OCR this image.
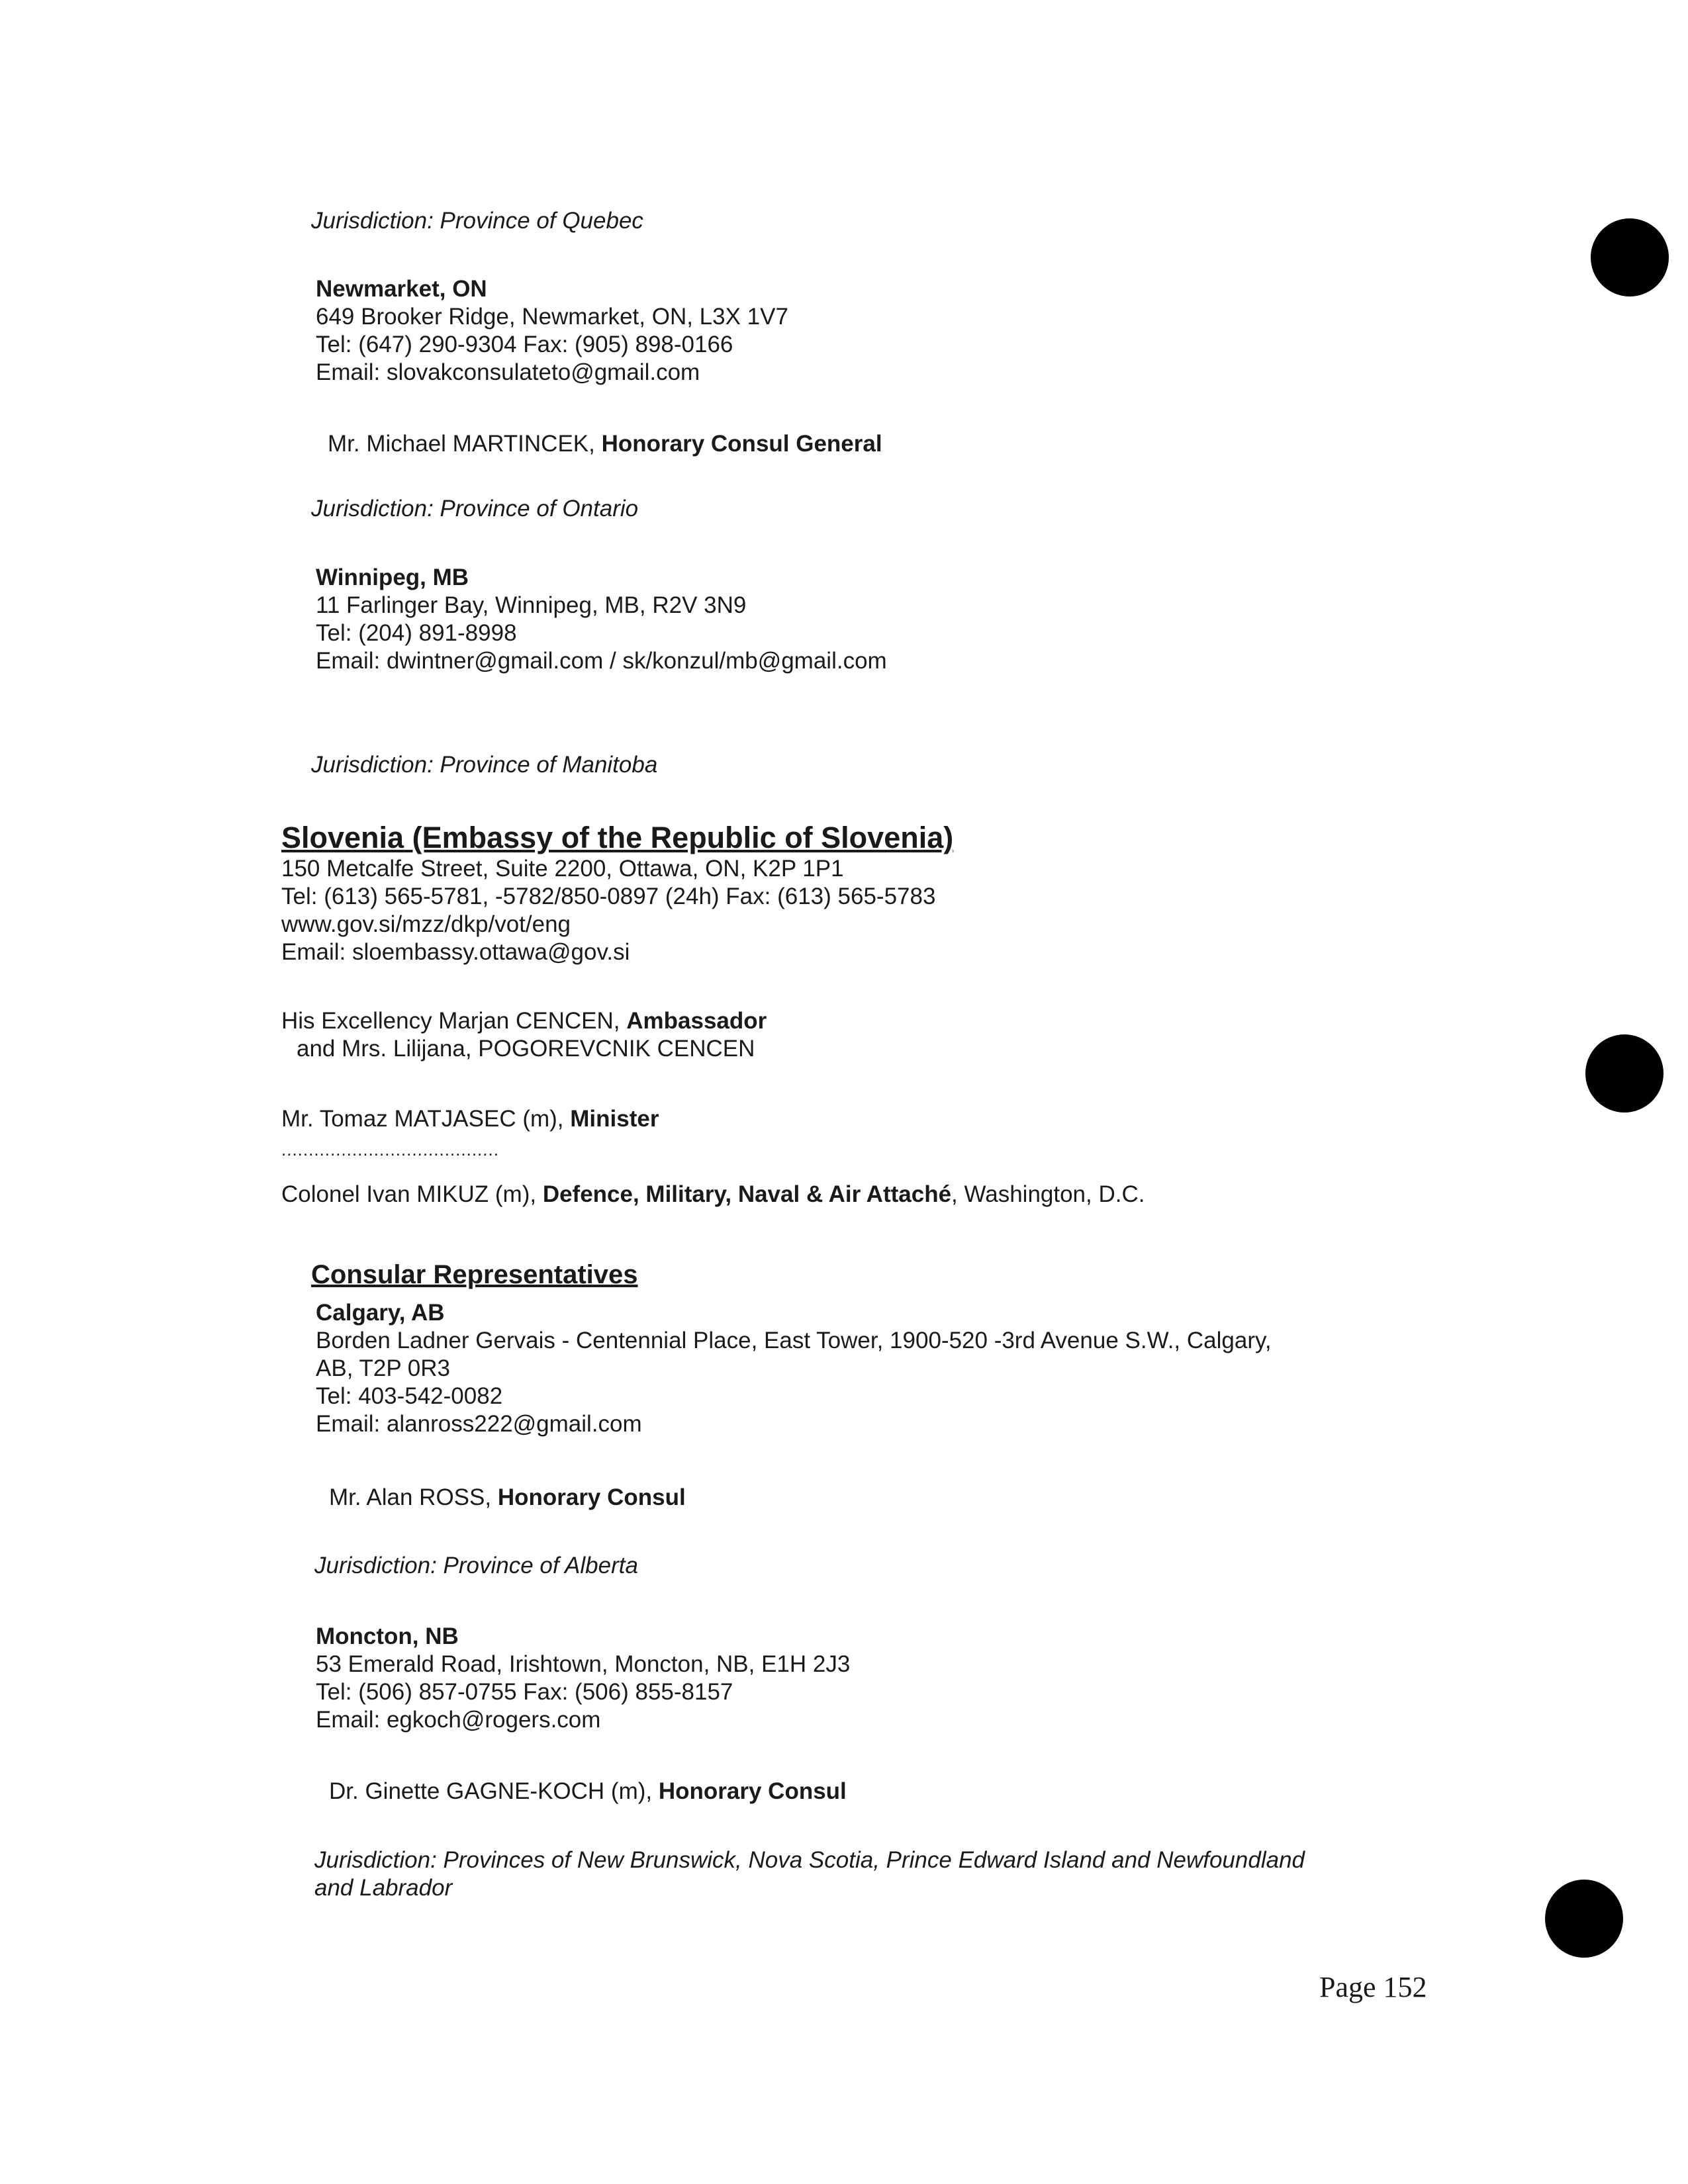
Jurisdiction: Province of Quebec
Newmarket, ON
649 Brooker Ridge, Newmarket, ON, L3X 1V7
Tel: (647) 290-9304 Fax: (905) 898-0166
Email: slovakconsulateto@gmail.com
Mr. Michael MARTINCEK, Honorary Consul General
Jurisdiction: Province of Ontario
Winnipeg, MB
11 Farlinger Bay, Winnipeg, MB, R2V 3N9
Tel: (204) 891-8998
Email: dwintner@gmail.com / sk/konzul/mb@gmail.com
Jurisdiction: Province of Manitoba
Slovenia (Embassy of the Republic of Slovenia)
150 Metcalfe Street, Suite 2200, Ottawa, ON, K2P 1P1
Tel: (613) 565-5781, -5782/850-0897 (24h) Fax: (613) 565-5783
www.gov.si/mzz/dkp/vot/eng
Email: sloembassy.ottawa@gov.si
His Excellency Marjan CENCEN, Ambassador
and Mrs. Lilijana, POGOREVCNIK CENCEN
Mr. Tomaz MATJASEC (m), Minister
........................................
Colonel Ivan MIKUZ (m), Defence, Military, Naval & Air Attaché, Washington, D.C.
Consular Representatives
Calgary, AB
Borden Ladner Gervais - Centennial Place, East Tower, 1900-520 -3rd Avenue S.W., Calgary,
AB, T2P 0R3
Tel: 403-542-0082
Email: alanross222@gmail.com
Mr. Alan ROSS, Honorary Consul
Jurisdiction: Province of Alberta
Moncton, NB
53 Emerald Road, Irishtown, Moncton, NB, E1H 2J3
Tel: (506) 857-0755 Fax: (506) 855-8157
Email: egkoch@rogers.com
Dr. Ginette GAGNE-KOCH (m), Honorary Consul
Jurisdiction: Provinces of New Brunswick, Nova Scotia, Prince Edward Island and Newfoundland
and Labrador
Page 152
